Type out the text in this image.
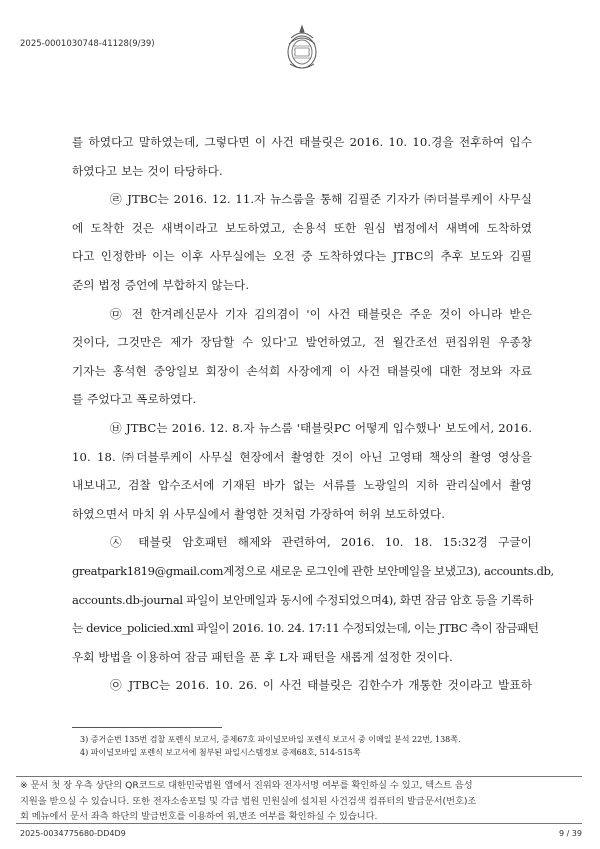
2025-0001030748-41128(9/39)
를 하였다고 말하였는데, 그렇다면 이 사건 태블릿은 2016. 10. 10.경을 전후하여 입수
하였다고 보는 것이 타당하다.
㉣ JTBC는 2016. 12. 11.자 뉴스룸을 통해 김필준 기자가 ㈜더블루케이 사무실
에 도착한 것은 새벽이라고 보도하였고, 손용석 또한 원심 법정에서 새벽에 도착하였
다고 인정한바 이는 이후 사무실에는 오전 중 도착하였다는 JTBC의 추후 보도와 김필
준의 법정 증언에 부합하지 않는다.
㉤ 전 한겨레신문사 기자 김의겸이 '이 사건 태블릿은 주운 것이 아니라 받은
것이다, 그것만은 제가 장담할 수 있다'고 발언하였고, 전 월간조선 편집위원 우종창
기자는 홍석현 중앙일보 회장이 손석희 사장에게 이 사건 태블릿에 대한 정보와 자료
를 주었다고 폭로하였다.
㉥ JTBC는 2016. 12. 8.자 뉴스룸 '태블릿PC 어떻게 입수했나' 보도에서, 2016.
10. 18. ㈜더블루케이 사무실 현장에서 촬영한 것이 아닌 고영태 책상의 촬영 영상을
내보내고, 검찰 압수조서에 기재된 바가 없는 서류를 노광일의 지하 관리실에서 촬영
하였으면서 마치 위 사무실에서 촬영한 것처럼 가장하여 허위 보도하였다.
㉦ 태블릿 암호패턴 해제와 관련하여, 2016. 10. 18. 15:32경 구글이
greatpark1819@gmail.com계정으로 새로운 로그인에 관한 보안메일을 보냈고3), accounts.db,
accounts.db-journal 파일이 보안메일과 동시에 수정되었으며4), 화면 잠금 암호 등을 기록하
는 device_policied.xml 파일이 2016. 10. 24. 17:11 수정되었는데, 이는 JTBC 측이 잠금패턴
우회 방법을 이용하여 잠금 패턴을 푼 후 L자 패턴을 새롭게 설정한 것이다.
㉧ JTBC는 2016. 10. 26. 이 사건 태블릿은 김한수가 개통한 것이라고 발표하
3) 증거순번 135번 검찰 포렌식 보고서, 증제67호 파이널모바일 포렌식 보고서 중 이메일 분석 22번, 138쪽.
4) 파이널모바일 포렌식 보고서에 첨부된 파일시스템정보 증제68호, 514-515쪽
※ 문서 첫 장 우측 상단의 QR코드로 대한민국법원 앱에서 진위와 전자서명 여부를 확인하실 수 있고, 텍스트 음성
지원을 받으실 수 있습니다. 또한 전자소송포털 및 각급 법원 민원실에 설치된 사건검색 컴퓨터의 발급문서(번호)조
회 메뉴에서 문서 좌측 하단의 발급번호를 이용하여 위,변조 여부를 확인하실 수 있습니다.
2025-0034775680-DD4D9	9 / 39
